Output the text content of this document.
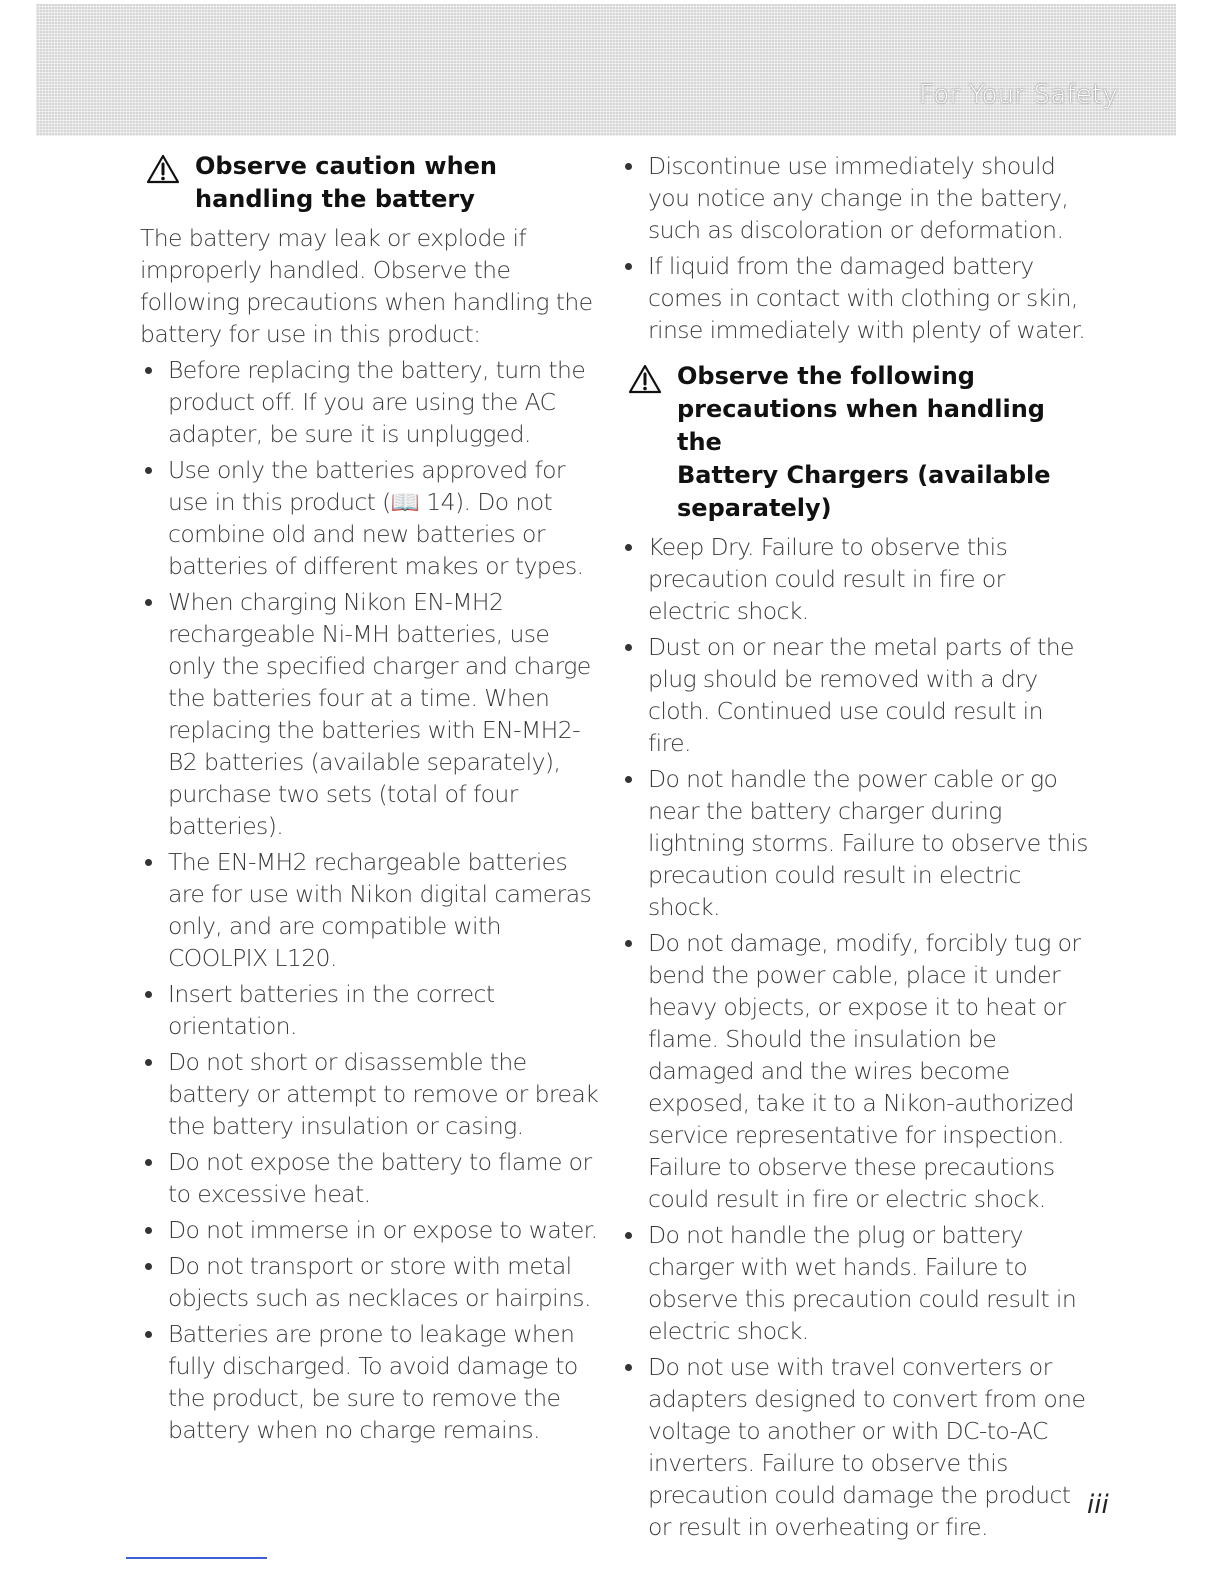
For Your Safety
Observe caution when
handling the battery

The battery may leak or explode if improperly handled. Observe the following precautions when handling the battery for use in this product:

Before replacing the battery, turn the product off. If you are using the AC adapter, be sure it is unplugged.
Use only the batteries approved for use in this product (📖 14). Do not combine old and new batteries or batteries of different makes or types.
When charging Nikon EN-MH2 rechargeable Ni-MH batteries, use only the specified charger and charge the batteries four at a time. When replacing the batteries with EN-MH2-B2 batteries (available separately), purchase two sets (total of four batteries).
The EN-MH2 rechargeable batteries are for use with Nikon digital cameras only, and are compatible with COOLPIX L120.
Insert batteries in the correct orientation.
Do not short or disassemble the battery or attempt to remove or break the battery insulation or casing.
Do not expose the battery to flame or to excessive heat.
Do not immerse in or expose to water.
Do not transport or store with metal objects such as necklaces or hairpins.
Batteries are prone to leakage when fully discharged. To avoid damage to the product, be sure to remove the battery when no charge remains.
Discontinue use immediately should you notice any change in the battery, such as discoloration or deformation.
If liquid from the damaged battery comes in contact with clothing or skin, rinse immediately with plenty of water.
Observe the following
precautions when handling the
Battery Chargers (available
separately)
Keep Dry. Failure to observe this precaution could result in fire or electric shock.
Dust on or near the metal parts of the plug should be removed with a dry cloth. Continued use could result in fire.
Do not handle the power cable or go near the battery charger during lightning storms. Failure to observe this precaution could result in electric shock.
Do not damage, modify, forcibly tug or bend the power cable, place it under heavy objects, or expose it to heat or flame. Should the insulation be damaged and the wires become exposed, take it to a Nikon-authorized service representative for inspection. Failure to observe these precautions could result in fire or electric shock.
Do not handle the plug or battery charger with wet hands. Failure to observe this precaution could result in electric shock.
Do not use with travel converters or adapters designed to convert from one voltage to another or with DC-to-AC inverters. Failure to observe this precaution could damage the product or result in overheating or fire.
iii
